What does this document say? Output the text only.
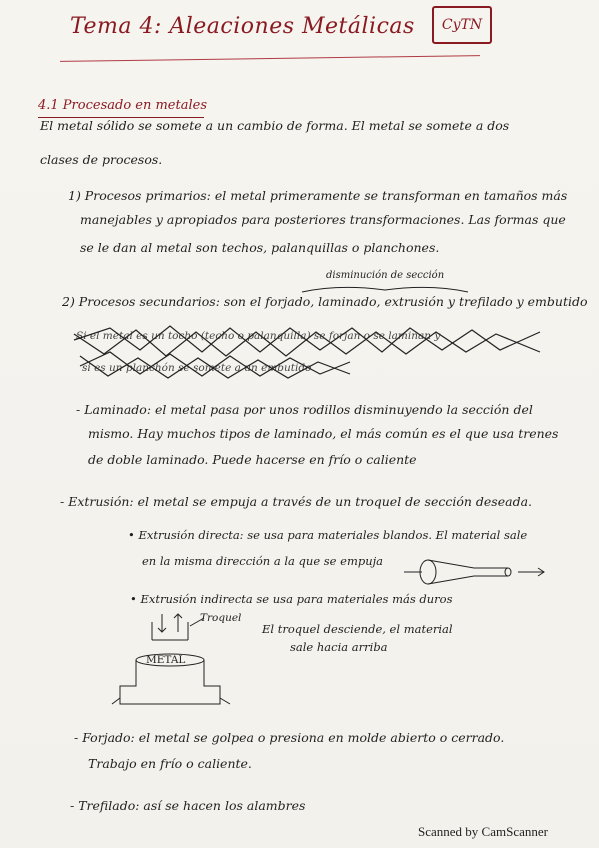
Tema 4: Aleaciones Metálicas	CyTN
4.1 Procesado en metales
El metal sólido se somete a un cambio de forma. El metal se somete a dos
clases de procesos.
1) Procesos primarios: el metal primeramente se transforman en tamaños más
manejables y apropiados para posteriores transformaciones. Las formas que
se le dan al metal son techos, palanquillas o planchones.
disminución de sección
2) Procesos secundarios: son el forjado, laminado, extrusión y trefilado y embutido
Si el metal es un tocho (techo o palanquilla) se forjan o se laminan y
si es un planchón se somete a un embutido
- Laminado: el metal pasa por unos rodillos disminuyendo la sección del
mismo. Hay muchos tipos de laminado, el más común es el que usa trenes
de doble laminado. Puede hacerse en frío o caliente
- Extrusión: el metal se empuja a través de un troquel de sección deseada.
• Extrusión directa: se usa para materiales blandos. El material sale
en la misma dirección a la que se empuja
• Extrusión indirecta se usa para materiales más duros
Troquel
METAL
El troquel desciende, el material
sale hacia arriba
- Forjado: el metal se golpea o presiona en molde abierto o cerrado.
Trabajo en frío o caliente.
- Trefilado: así se hacen los alambres
Scanned by CamScanner
